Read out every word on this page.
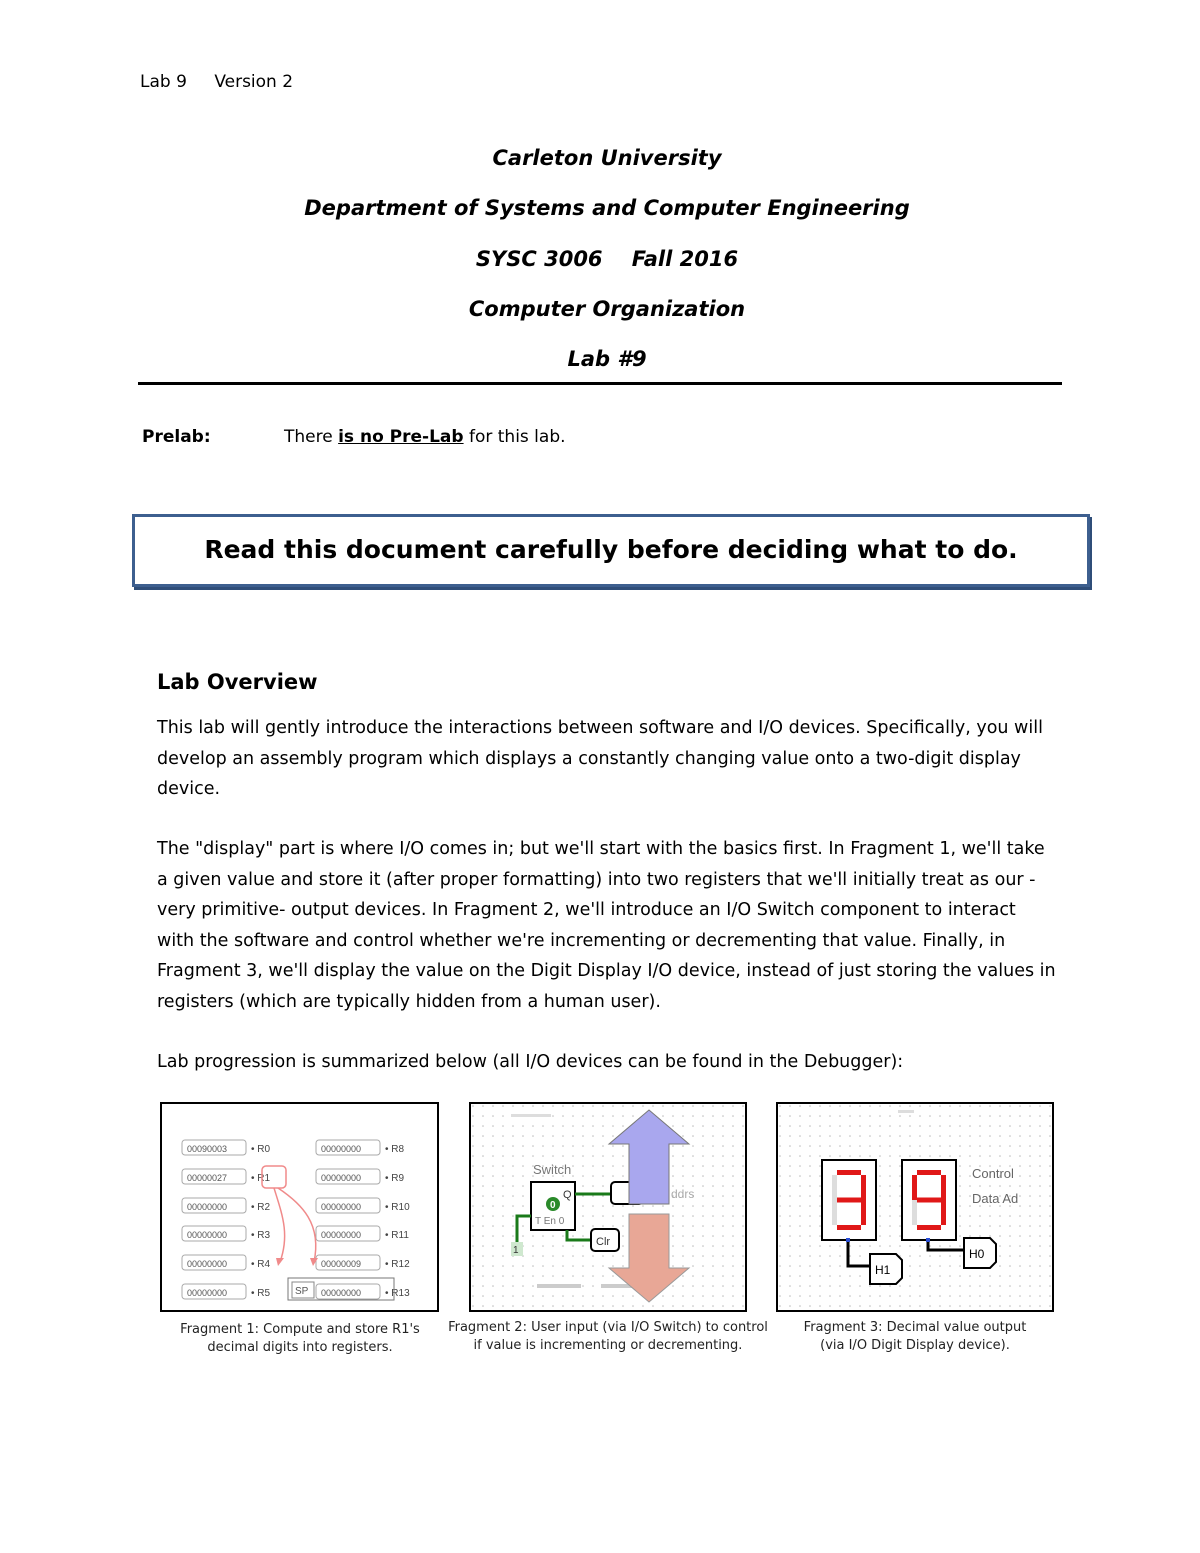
Lab 9 Version 2
Carleton University
Department of Systems and Computer Engineering
SYSC 3006    Fall 2016
Computer Organization
Lab #9
Prelab:	There is no Pre-Lab for this lab.
Read this document carefully before deciding what to do.
Lab Overview
This lab will gently introduce the interactions between software and I/O devices. Specifically, you will develop an assembly program which displays a constantly changing value onto a two-digit display device.
The "display" part is where I/O comes in; but we'll start with the basics first. In Fragment 1, we'll take a given value and store it (after proper formatting) into two registers that we'll initially treat as our -very primitive- output devices. In Fragment 2, we'll introduce an I/O Switch component to interact with the software and control whether we're incrementing or decrementing that value. Finally, in Fragment 3, we'll display the value on the Digit Display I/O device, instead of just storing the values in registers (which are typically hidden from a human user).
Lab progression is summarized below (all I/O devices can be found in the Debugger):
00090003 • R0
00000027 • R1
00000000 • R2
00000000 • R3
00000000 • R4
00000000 • R5
00000000 • R8
00000000 • R9
00000000 • R10
00000000 • R11
00000009 • R12
00000000 • R13
SP
Fragment 1: Compute and store R1's
decimal digits into registers.
Switch
0
Q
T En 0
ddrs
Clr
1
Fragment 2: User input (via I/O Switch) to control
if value is incrementing or decrementing.
Control
Data Ad
H1
H0
Fragment 3: Decimal value output
(via I/O Digit Display device).
